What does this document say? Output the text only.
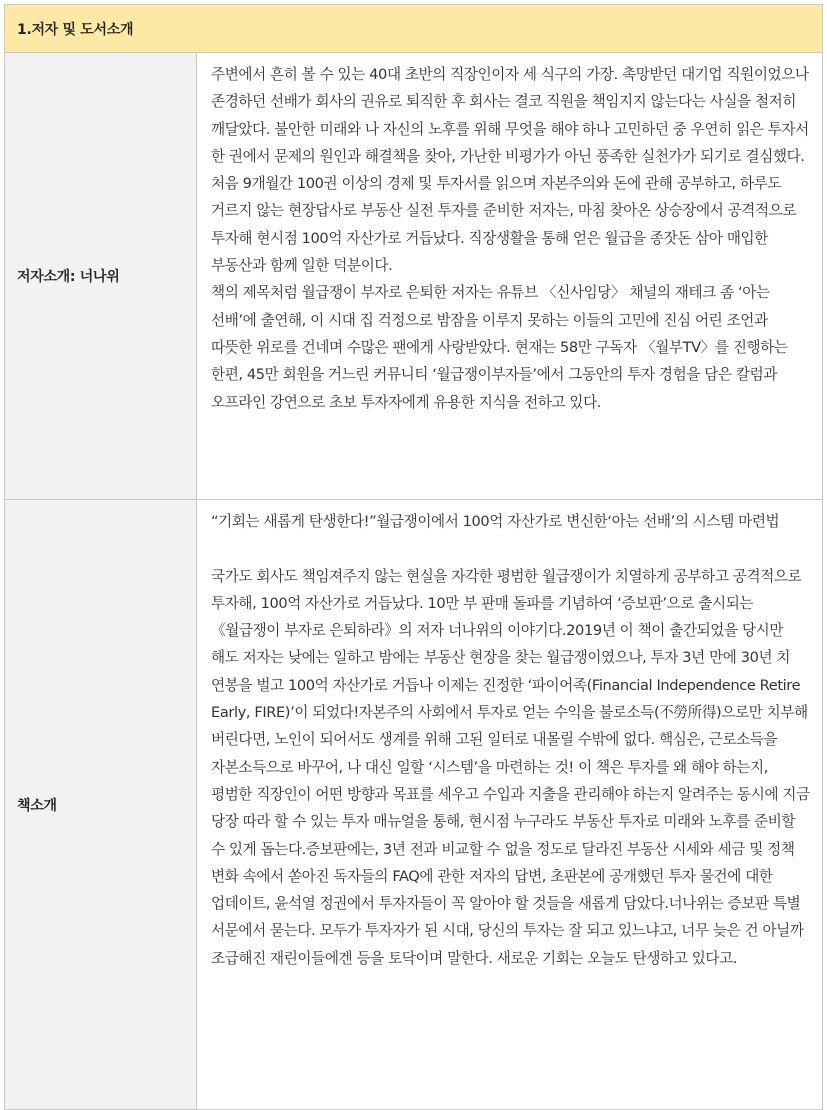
1.저자 및 도서소개
저자소개: 너나위

주변에서 흔히 볼 수 있는 40대 초반의 직장인이자 세 식구의 가장. 촉망받던 대기업 직원이었으나 존경하던 선배가 회사의 권유로 퇴직한 후 회사는 결코 직원을 책임지지 않는다는 사실을 철저히 깨달았다. 불안한 미래와 나 자신의 노후를 위해 무엇을 해야 하나 고민하던 중 우연히 읽은 투자서 한 권에서 문제의 원인과 해결책을 찾아, 가난한 비평가가 아닌 풍족한 실천가가 되기로 결심했다. 처음 9개월간 100권 이상의 경제 및 투자서를 읽으며 자본주의와 돈에 관해 공부하고, 하루도 거르지 않는 현장답사로 부동산 실전 투자를 준비한 저자는, 마침 찾아온 상승장에서 공격적으로 투자해 현시점 100억 자산가로 거듭났다. 직장생활을 통해 얻은 월급을 종잣돈 삼아 매입한 부동산과 함께 일한 덕분이다.

책의 제목처럼 월급쟁이 부자로 은퇴한 저자는 유튜브 〈신사임당〉 채널의 재테크 좀 ‘아는 선배’에 출연해, 이 시대 집 걱정으로 밤잠을 이루지 못하는 이들의 고민에 진심 어린 조언과 따뜻한 위로를 건네며 수많은 팬에게 사랑받았다. 현재는 58만 구독자 〈월부TV〉를 진행하는 한편, 45만 회원을 거느린 커뮤니티 ‘월급쟁이부자들’에서 그동안의 투자 경험을 담은 칼럼과 오프라인 강연으로 초보 투자자에게 유용한 지식을 전하고 있다.

책소개

“기회는 새롭게 탄생한다!”월급쟁이에서 100억 자산가로 변신한‘아는 선배’의 시스템 마련법

국가도 회사도 책임져주지 않는 현실을 자각한 평범한 월급쟁이가 치열하게 공부하고 공격적으로 투자해, 100억 자산가로 거듭났다. 10만 부 판매 돌파를 기념하여 ‘증보판’으로 출시되는 《월급쟁이 부자로 은퇴하라》의 저자 너나위의 이야기다.2019년 이 책이 출간되었을 당시만 해도 저자는 낮에는 일하고 밤에는 부동산 현장을 찾는 월급쟁이였으나, 투자 3년 만에 30년 치 연봉을 벌고 100억 자산가로 거듭나 이제는 진정한 ‘파이어족(Financial Independence Retire Early, FIRE)’이 되었다!자본주의 사회에서 투자로 얻는 수익을 불로소득(不勞所得)으로만 치부해 버린다면, 노인이 되어서도 생계를 위해 고된 일터로 내몰릴 수밖에 없다. 핵심은, 근로소득을 자본소득으로 바꾸어, 나 대신 일할 ‘시스템’을 마련하는 것! 이 책은 투자를 왜 해야 하는지, 평범한 직장인이 어떤 방향과 목표를 세우고 수입과 지출을 관리해야 하는지 알려주는 동시에 지금 당장 따라 할 수 있는 투자 매뉴얼을 통해, 현시점 누구라도 부동산 투자로 미래와 노후를 준비할 수 있게 돕는다.증보판에는, 3년 전과 비교할 수 없을 정도로 달라진 부동산 시세와 세금 및 정책 변화 속에서 쏟아진 독자들의 FAQ에 관한 저자의 답변, 초판본에 공개했던 투자 물건에 대한 업데이트, 윤석열 정권에서 투자자들이 꼭 알아야 할 것들을 새롭게 담았다.너나위는 증보판 특별 서문에서 묻는다. 모두가 투자자가 된 시대, 당신의 투자는 잘 되고 있느냐고, 너무 늦은 건 아닐까 조급해진 재린이들에겐 등을 토닥이며 말한다. 새로운 기회는 오늘도 탄생하고 있다고.
